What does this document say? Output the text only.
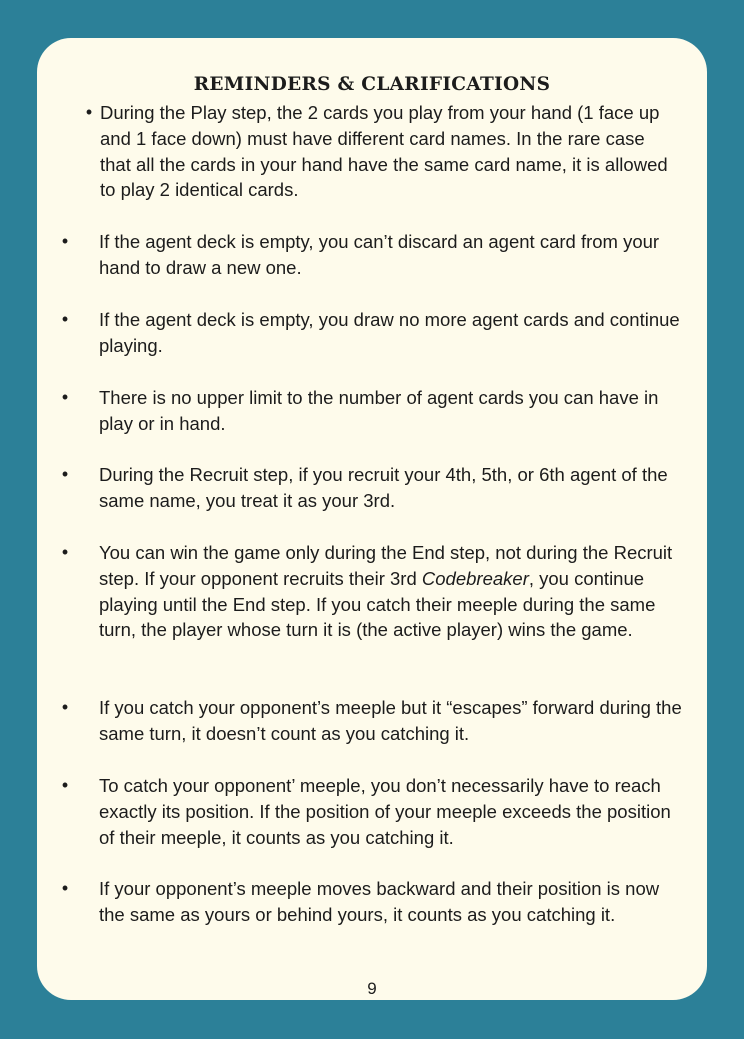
REMINDERS & CLARIFICATIONS
• During the Play step, the 2 cards you play from your hand (1 face up and 1 face down) must have different card names. In the rare case that all the cards in your hand have the same card name, it is allowed to play 2 identical cards.
• If the agent deck is empty, you can’t discard an agent card from your hand to draw a new one.
• If the agent deck is empty, you draw no more agent cards and continue playing.
• There is no upper limit to the number of agent cards you can have in play or in hand.
• During the Recruit step, if you recruit your 4th, 5th, or 6th agent of the same name, you treat it as your 3rd.
• You can win the game only during the End step, not during the Recruit step. If your opponent recruits their 3rd Codebreaker, you continue playing until the End step. If you catch their meeple during the same turn, the player whose turn it is (the active player) wins the game.
• If you catch your opponent’s meeple but it “escapes” forward during the same turn, it doesn’t count as you catching it.
• To catch your opponent’ meeple, you don’t necessarily have to reach exactly its position. If the position of your meeple exceeds the position of their meeple, it counts as you catching it.
• If your opponent’s meeple moves backward and their position is now the same as yours or behind yours, it counts as you catching it.
9
